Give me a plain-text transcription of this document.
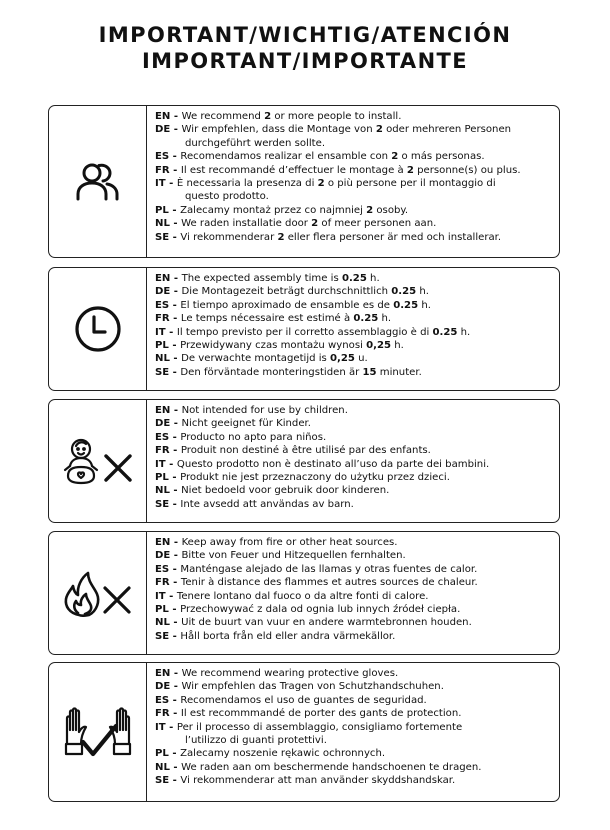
IMPORTANT/WICHTIG/ATENCIÓN
IMPORTANT/IMPORTANTE
EN - We recommend 2 or more people to install.
DE - Wir empfehlen, dass die Montage von 2 oder mehreren Personen
durchgeführt werden sollte.
ES - Recomendamos realizar el ensamble con 2 o más personas.
FR - Il est recommandé d’effectuer le montage à 2 personne(s) ou plus.
IT - È necessaria la presenza di 2 o più persone per il montaggio di
questo prodotto.
PL - Zalecamy montaż przez co najmniej 2 osoby.
NL - We raden installatie door 2 of meer personen aan.
SE - Vi rekommenderar 2 eller flera personer är med och installerar.
EN - The expected assembly time is 0.25 h.
DE - Die Montagezeit beträgt durchschnittlich 0.25 h.
ES - El tiempo aproximado de ensamble es de 0.25 h.
FR - Le temps nécessaire est estimé à 0.25 h.
IT - Il tempo previsto per il corretto assemblaggio è di 0.25 h.
PL - Przewidywany czas montażu wynosi 0,25 h.
NL - De verwachte montagetijd is 0,25 u.
SE - Den förväntade monteringstiden är 15 minuter.
EN - Not intended for use by children.
DE - Nicht geeignet für Kinder.
ES - Producto no apto para niños.
FR - Produit non destiné à être utilisé par des enfants.
IT - Questo prodotto non è destinato all’uso da parte dei bambini.
PL - Produkt nie jest przeznaczony do użytku przez dzieci.
NL - Niet bedoeld voor gebruik door kinderen.
SE - Inte avsedd att användas av barn.
EN - Keep away from fire or other heat sources.
DE - Bitte von Feuer und Hitzequellen fernhalten.
ES - Manténgase alejado de las llamas y otras fuentes de calor.
FR - Tenir à distance des flammes et autres sources de chaleur.
IT - Tenere lontano dal fuoco o da altre fonti di calore.
PL - Przechowywać z dala od ognia lub innych źródeł ciepła.
NL - Uit de buurt van vuur en andere warmtebronnen houden.
SE - Håll borta från eld eller andra värmekällor.
EN - We recommend wearing protective gloves.
DE - Wir empfehlen das Tragen von Schutzhandschuhen.
ES - Recomendamos el uso de guantes de seguridad.
FR - Il est recommmandé de porter des gants de protection.
IT - Per il processo di assemblaggio, consigliamo fortemente
l’utilizzo di guanti protettivi.
PL - Zalecamy noszenie rękawic ochronnych.
NL - We raden aan om beschermende handschoenen te dragen.
SE - Vi rekommenderar att man använder skyddshandskar.
